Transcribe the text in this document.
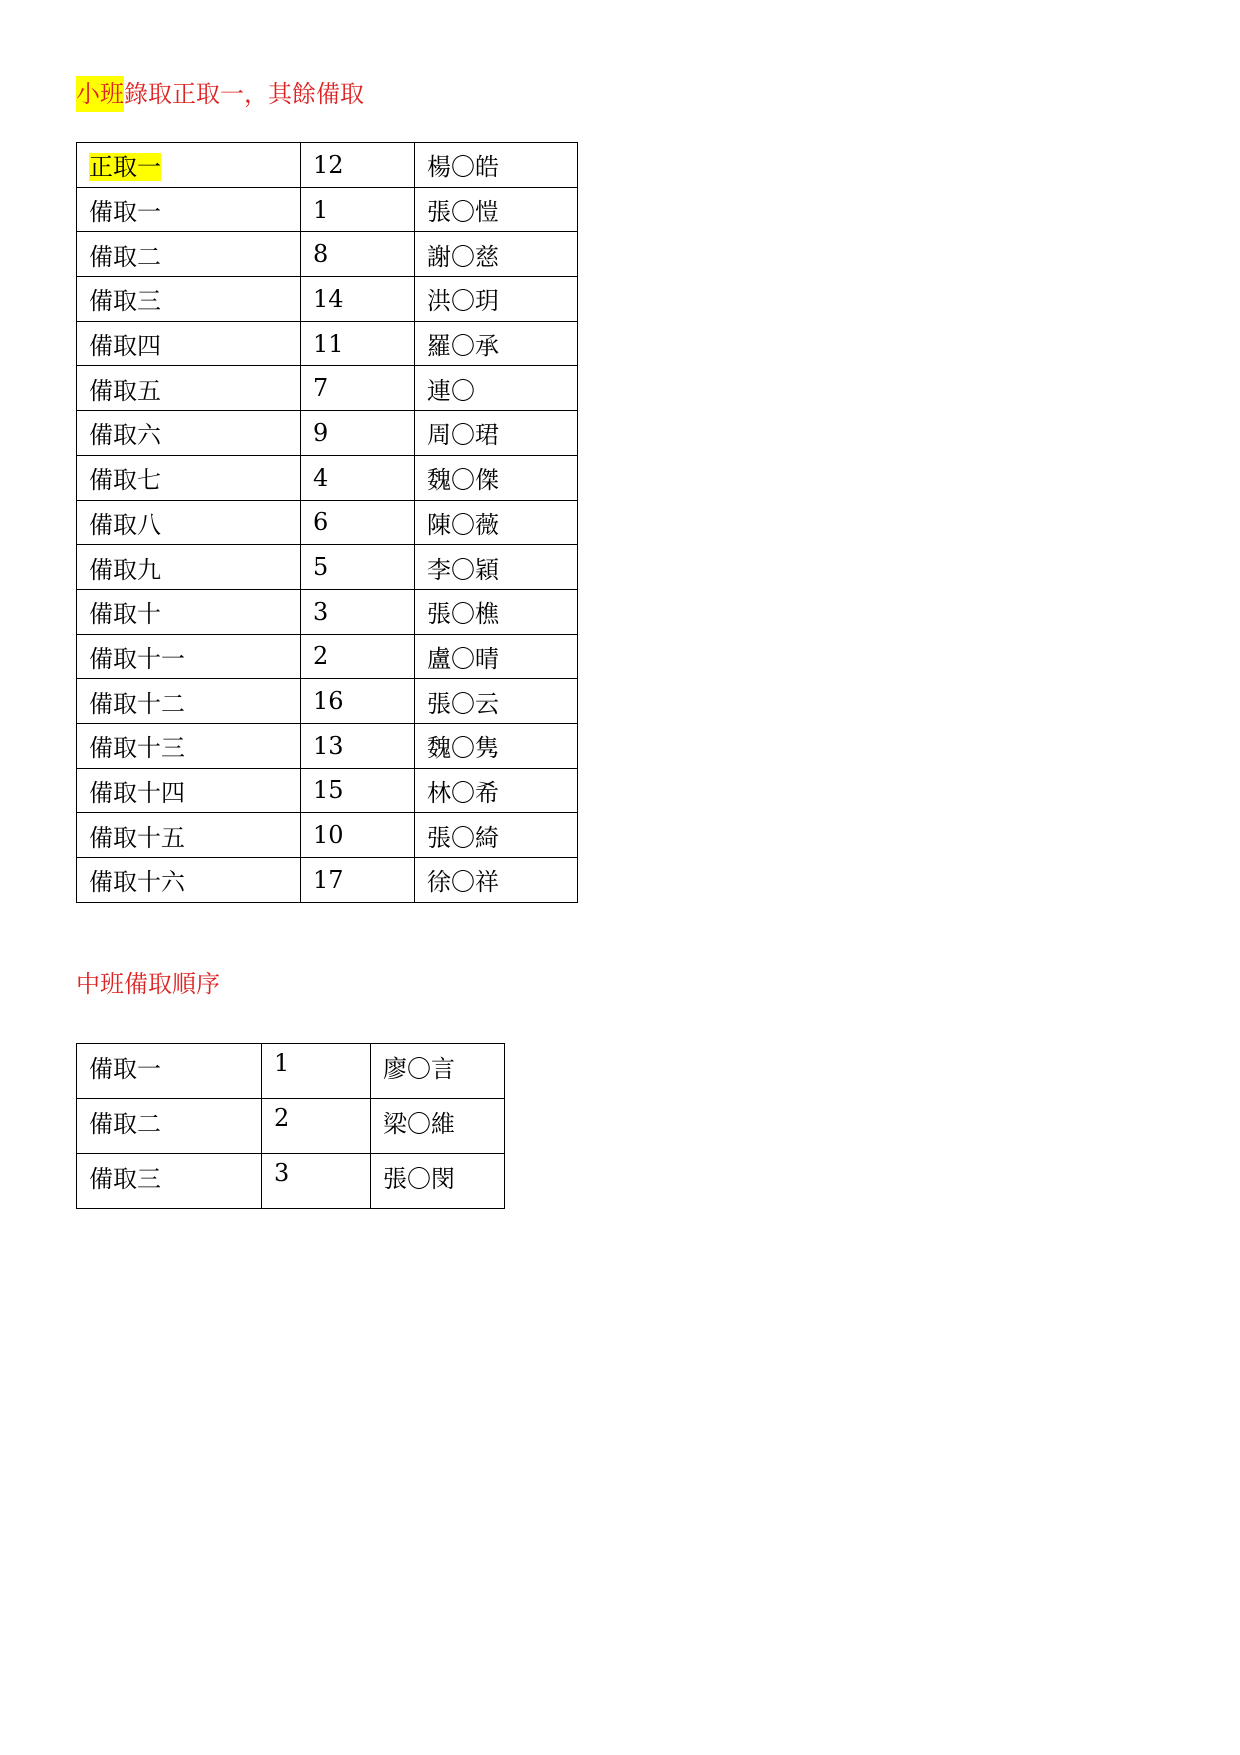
小班錄取正取一，其餘備取
正取一	12	楊〇皓
備取一	1	張〇愷
備取二	8	謝〇慈
備取三	14	洪〇玥
備取四	11	羅〇承
備取五	7	連〇
備取六	9	周〇珺
備取七	4	魏〇傑
備取八	6	陳〇薇
備取九	5	李〇穎
備取十	3	張〇樵
備取十一	2	盧〇晴
備取十二	16	張〇云
備取十三	13	魏〇隽
備取十四	15	林〇希
備取十五	10	張〇綺
備取十六	17	徐〇祥
中班備取順序
備取一	1	廖〇言
備取二	2	梁〇維
備取三	3	張〇閔
